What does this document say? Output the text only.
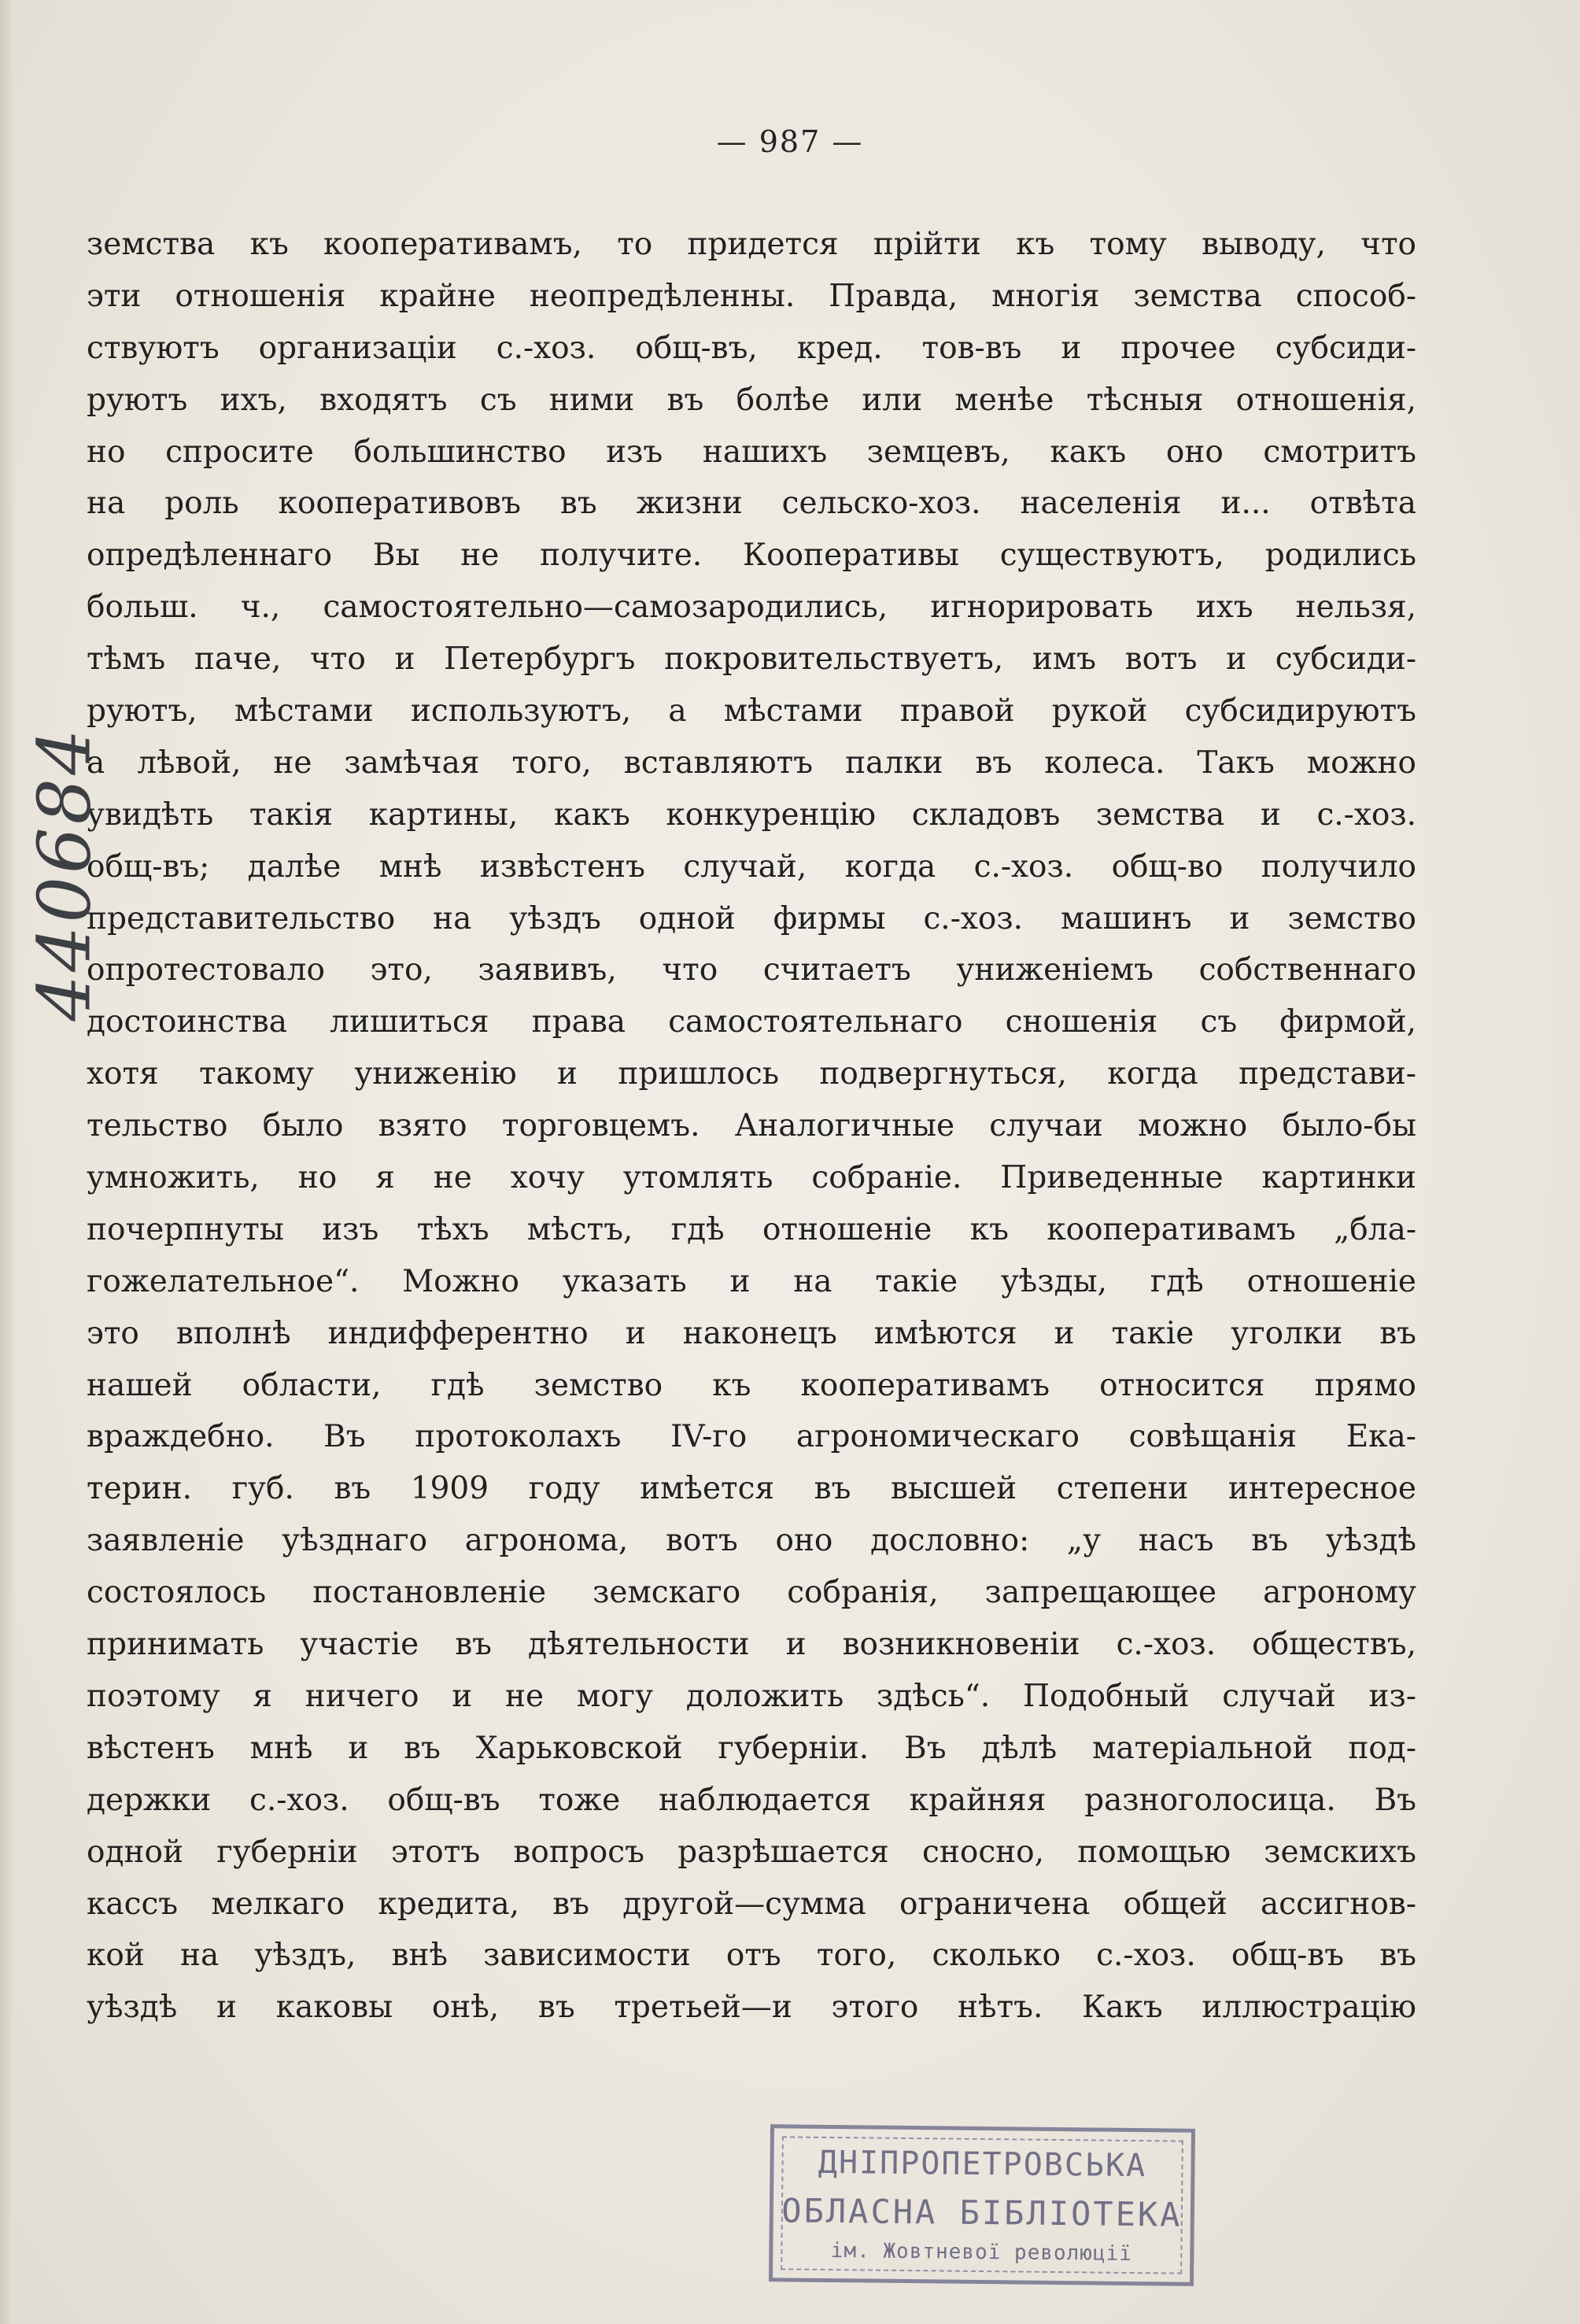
— 987 —
земства къ кооперативамъ, то придется прійти къ тому выводу, что
эти отношенія крайне неопредѣленны. Правда, многія земства способ-
ствуютъ организаціи с.-хоз. общ-въ, кред. тов-въ и прочее субсиди-
руютъ ихъ, входятъ съ ними въ болѣе или менѣе тѣсныя отношенія,
но спросите большинство изъ нашихъ земцевъ, какъ оно смотритъ
на роль кооперативовъ въ жизни сельско-хоз. населенія и... отвѣта
опредѣленнаго Вы не получите. Кооперативы существуютъ, родились
больш. ч., самостоятельно—самозародились, игнорировать ихъ нельзя,
тѣмъ паче, что и Петербургъ покровительствуетъ, имъ вотъ и субсиди-
руютъ, мѣстами используютъ, а мѣстами правой рукой субсидируютъ
а лѣвой, не замѣчая того, вставляютъ палки въ колеса. Такъ можно
увидѣть такія картины, какъ конкуренцію складовъ земства и с.-хоз.
общ-въ; далѣе мнѣ извѣстенъ случай, когда с.-хоз. общ-во получило
представительство на уѣздъ одной фирмы с.-хоз. машинъ и земство
опротестовало это, заявивъ, что считаетъ униженіемъ собственнаго
достоинства лишиться права самостоятельнаго сношенія съ фирмой,
хотя такому униженію и пришлось подвергнуться, когда представи-
тельство было взято торговцемъ. Аналогичные случаи можно было-бы
умножить, но я не хочу утомлять собраніе. Приведенные картинки
почерпнуты изъ тѣхъ мѣстъ, гдѣ отношеніе къ кооперативамъ „бла-
гожелательное“. Можно указать и на такіе уѣзды, гдѣ отношеніе
это вполнѣ индифферентно и наконецъ имѣются и такіе уголки въ
нашей области, гдѣ земство къ кооперативамъ относится прямо
враждебно. Въ протоколахъ IV-го агрономическаго совѣщанія Ека-
терин. губ. въ 1909 году имѣется въ высшей степени интересное
заявленіе уѣзднаго агронома, вотъ оно дословно: „у насъ въ уѣздѣ
состоялось постановленіе земскаго собранія, запрещающее агроному
принимать участіе въ дѣятельности и возникновеніи с.-хоз. обществъ,
поэтому я ничего и не могу доложить здѣсь“. Подобный случай из-
вѣстенъ мнѣ и въ Харьковской губерніи. Въ дѣлѣ матеріальной под-
держки с.-хоз. общ-въ тоже наблюдается крайняя разноголосица. Въ
одной губерніи этотъ вопросъ разрѣшается сносно, помощью земскихъ
кассъ мелкаго кредита, въ другой—сумма ограничена общей ассигнов-
кой на уѣздъ, внѣ зависимости отъ того, сколько с.-хоз. общ-въ въ
уѣздѣ и каковы онѣ, въ третьей—и этого нѣтъ. Какъ иллюстрацію
440684
ДНІПРОПЕТРОВСЬКА
ОБЛАСНА БІБЛІОТЕКА
ім. Жовтневої революції
